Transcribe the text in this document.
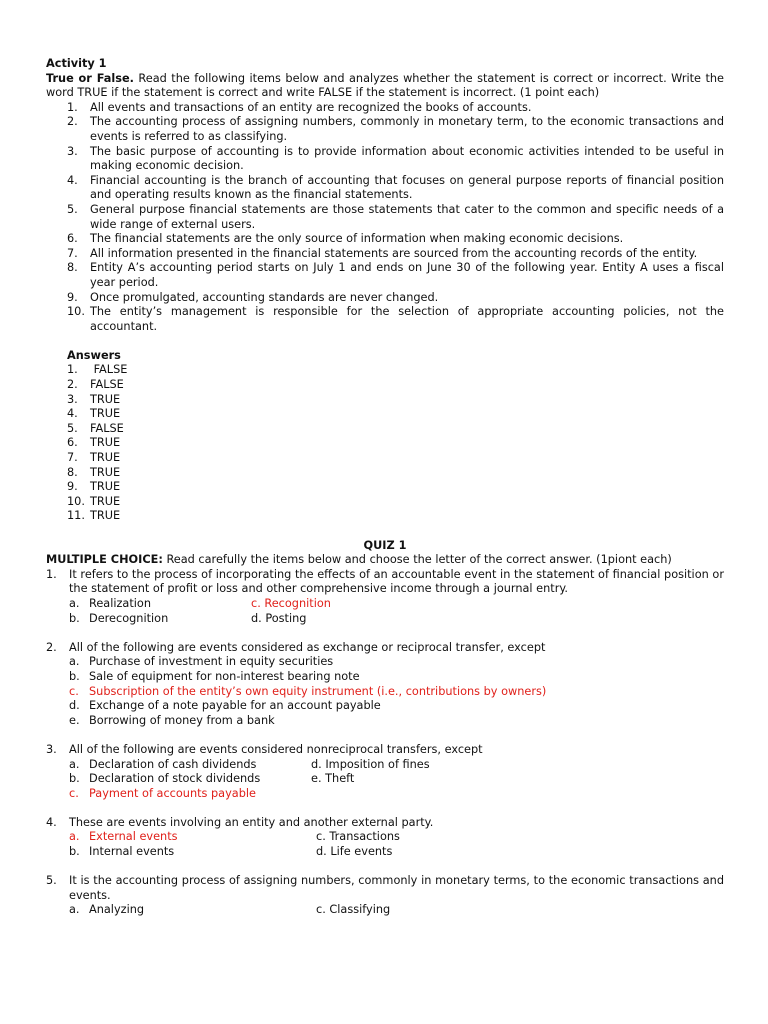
Activity 1
True or False. Read the following items below and analyzes whether the statement is correct or incorrect. Write the word TRUE if the statement is correct and write FALSE if the statement is incorrect. (1 point each)
1. All events and transactions of an entity are recognized the books of accounts.
2. The accounting process of assigning numbers, commonly in monetary term, to the economic transactions and events is referred to as classifying.
3. The basic purpose of accounting is to provide information about economic activities intended to be useful in making economic decision.
4. Financial accounting is the branch of accounting that focuses on general purpose reports of financial position and operating results known as the financial statements.
5. General purpose financial statements are those statements that cater to the common and specific needs of a wide range of external users.
6. The financial statements are the only source of information when making economic decisions.
7. All information presented in the financial statements are sourced from the accounting records of the entity.
8. Entity A’s accounting period starts on July 1 and ends on June 30 of the following year. Entity A uses a fiscal year period.
9. Once promulgated, accounting standards are never changed.
10. The entity’s management is responsible for the selection of appropriate accounting policies, not the accountant.
Answers
1. FALSE
2. FALSE
3. TRUE
4. TRUE
5. FALSE
6. TRUE
7. TRUE
8. TRUE
9. TRUE
10. TRUE
11. TRUE
QUIZ 1
MULTIPLE CHOICE: Read carefully the items below and choose the letter of the correct answer. (1piont each)
1. It refers to the process of incorporating the effects of an accountable event in the statement of financial position or the statement of profit or loss and other comprehensive income through a journal entry.
a. Realization	c. Recognition
b. Derecognition	d. Posting
2. All of the following are events considered as exchange or reciprocal transfer, except
a. Purchase of investment in equity securities
b. Sale of equipment for non-interest bearing note
c. Subscription of the entity’s own equity instrument (i.e., contributions by owners)
d. Exchange of a note payable for an account payable
e. Borrowing of money from a bank
3. All of the following are events considered nonreciprocal transfers, except
a. Declaration of cash dividends	d. Imposition of fines
b. Declaration of stock dividends	e. Theft
c. Payment of accounts payable
4. These are events involving an entity and another external party.
a. External events	c. Transactions
b. Internal events	d. Life events
5. It is the accounting process of assigning numbers, commonly in monetary terms, to the economic transactions and events.
a. Analyzing	c. Classifying
